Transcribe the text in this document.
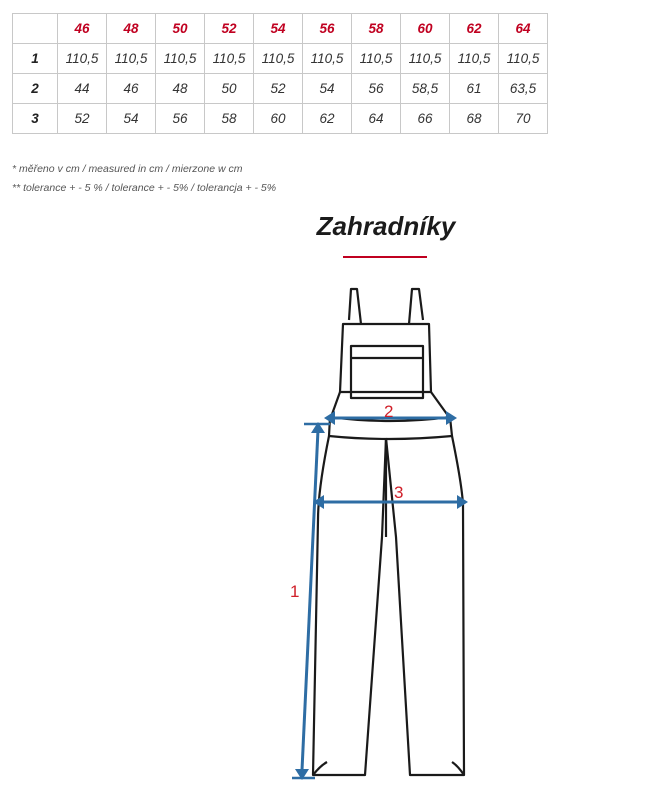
	46	48	50	52	54	56	58	60	62	64
1	110,5	110,5	110,5	110,5	110,5	110,5	110,5	110,5	110,5	110,5
2	44	46	48	50	52	54	56	58,5	61	63,5
3	52	54	56	58	60	62	64	66	68	70
* měřeno v cm / measured in cm / mierzone w cm
** tolerance + - 5 % / tolerance + - 5% / tolerancja + - 5%
Zahradníky
2
3
1
